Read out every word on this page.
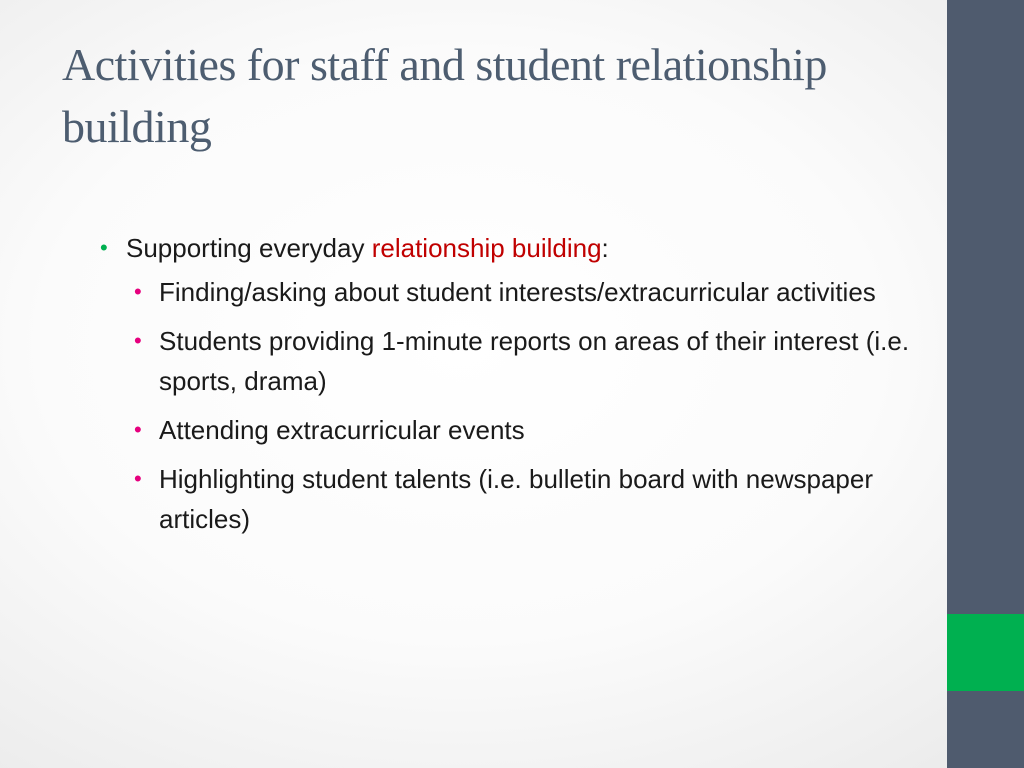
Activities for staff and student relationship building
• Supporting everyday relationship building:
• Finding/asking about student interests/extracurricular activities
• Students providing 1-minute reports on areas of their interest (i.e. sports, drama)
• Attending extracurricular events
• Highlighting student talents (i.e. bulletin board with newspaper articles)
